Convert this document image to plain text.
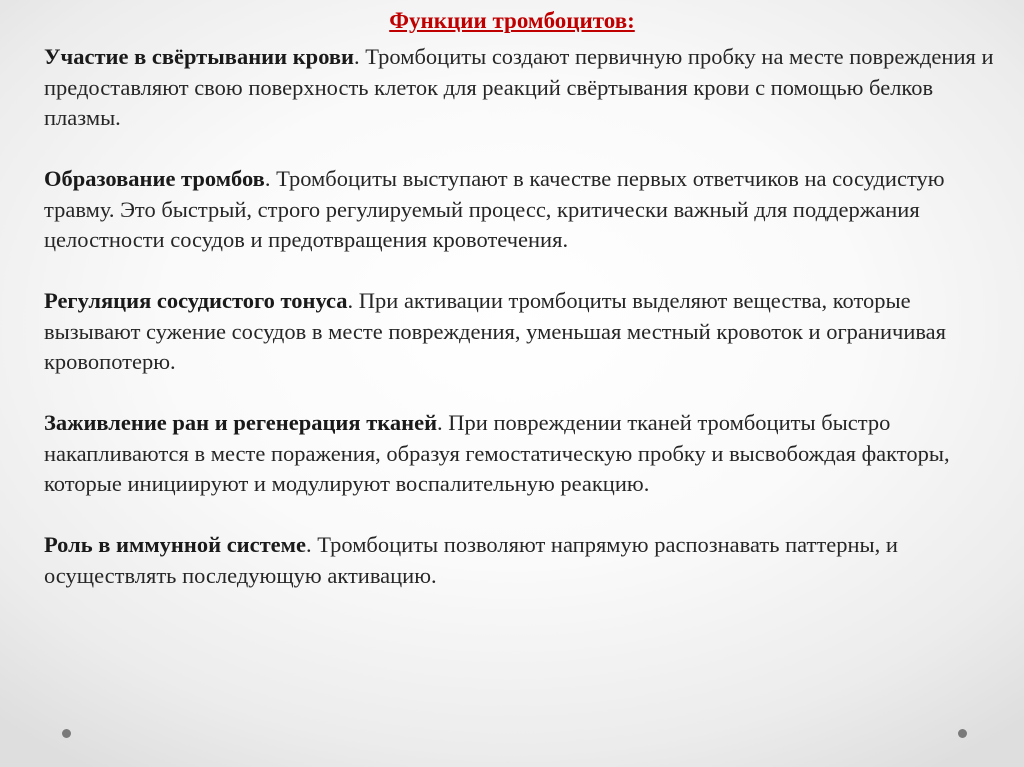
Функции тромбоцитов:

Участие в свёртывании крови. Тромбоциты создают первичную пробку на месте повреждения и предоставляют свою поверхность клеток для реакций свёртывания крови с помощью белков плазмы.

Образование тромбов. Тромбоциты выступают в качестве первых ответчиков на сосудистую травму. Это быстрый, строго регулируемый процесс, критически важный для поддержания целостности сосудов и предотвращения кровотечения.

Регуляция сосудистого тонуса. При активации тромбоциты выделяют вещества, которые вызывают сужение сосудов в месте повреждения, уменьшая местный кровоток и ограничивая кровопотерю.

Заживление ран и регенерация тканей. При повреждении тканей тромбоциты быстро накапливаются в месте поражения, образуя гемостатическую пробку и высвобождая факторы, которые инициируют и модулируют воспалительную реакцию.

Роль в иммунной системе. Тромбоциты позволяют напрямую распознавать паттерны, и осуществлять последующую активацию.
